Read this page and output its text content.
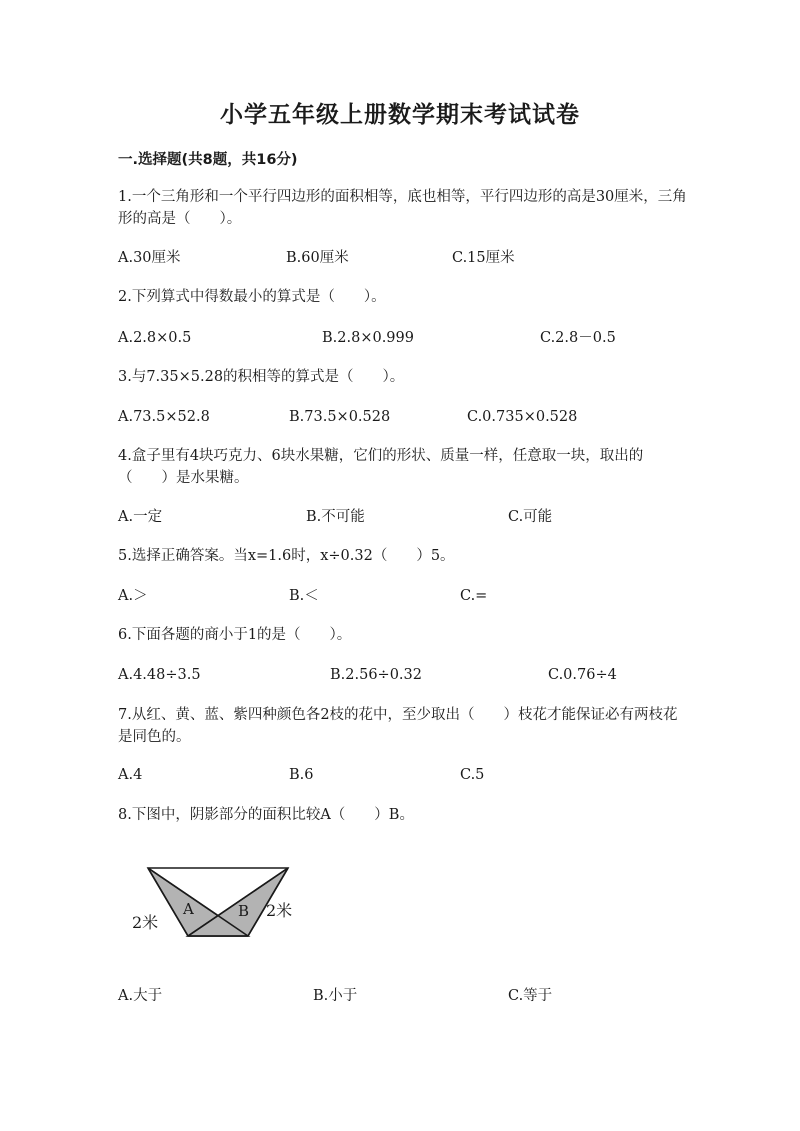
小学五年级上册数学期末考试试卷
一.选择题(共8题，共16分)
1.一个三角形和一个平行四边形的面积相等，底也相等，平行四边形的高是30厘米，三角形的高是（　　）。
A.30厘米	B.60厘米	C.15厘米
2.下列算式中得数最小的算式是（　　）。
A.2.8×0.5	B.2.8×0.999	C.2.8－0.5
3.与7.35×5.28的积相等的算式是（　　）。
A.73.5×52.8	B.73.5×0.528	C.0.735×0.528
4.盒子里有4块巧克力、6块水果糖，它们的形状、质量一样，任意取一块，取出的（　　）是水果糖。
A.一定	B.不可能	C.可能
5.选择正确答案。当x=1.6时，x÷0.32（　　）5。
A.＞	B.＜	C.=
6.下面各题的商小于1的是（　　）。
A.4.48÷3.5	B.2.56÷0.32	C.0.76÷4
7.从红、黄、蓝、紫四种颜色各2枝的花中，至少取出（　　）枝花才能保证必有两枝花是同色的。
A.4	B.6	C.5
8.下图中，阴影部分的面积比较A（　　）B。
A	B
2米
2米
A.大于	B.小于	C.等于
